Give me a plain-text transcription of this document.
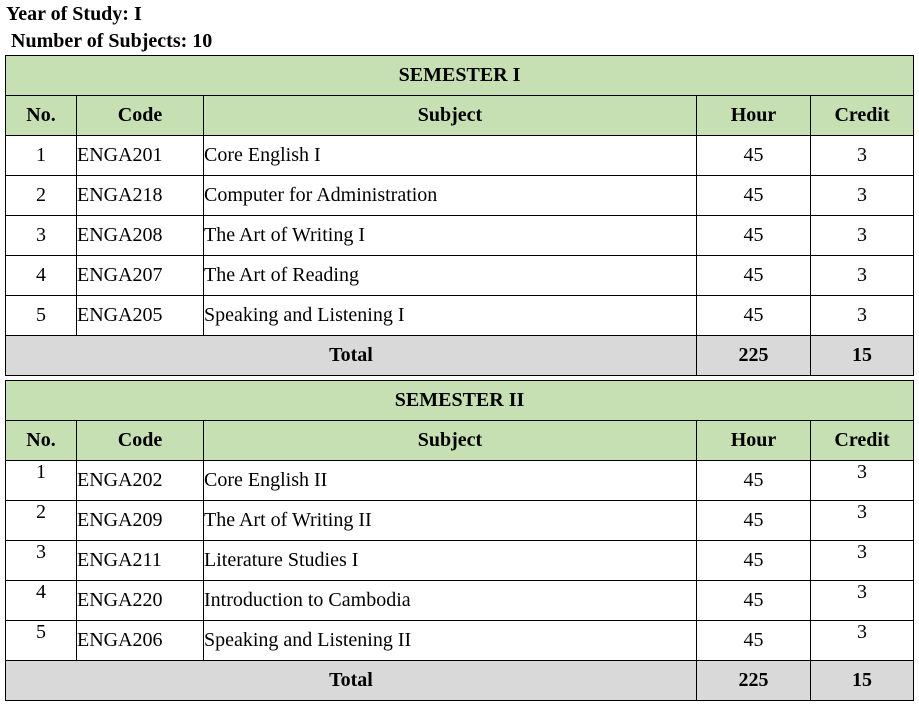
Year of Study: I
Number of Subjects: 10
SEMESTER I				
No.	Code	Subject	Hour	Credit
1	ENGA201	Core English I	45	3
2	ENGA218	Computer for Administration	45	3
3	ENGA208	The Art of Writing I	45	3
4	ENGA207	The Art of Reading	45	3
5	ENGA205	Speaking and Listening I	45	3
Total			225	15
SEMESTER II				
No.	Code	Subject	Hour	Credit
1	ENGA202	Core English II	45	3
2	ENGA209	The Art of Writing II	45	3
3	ENGA211	Literature Studies I	45	3
4	ENGA220	Introduction to Cambodia	45	3
5	ENGA206	Speaking and Listening II	45	3
Total			225	15
